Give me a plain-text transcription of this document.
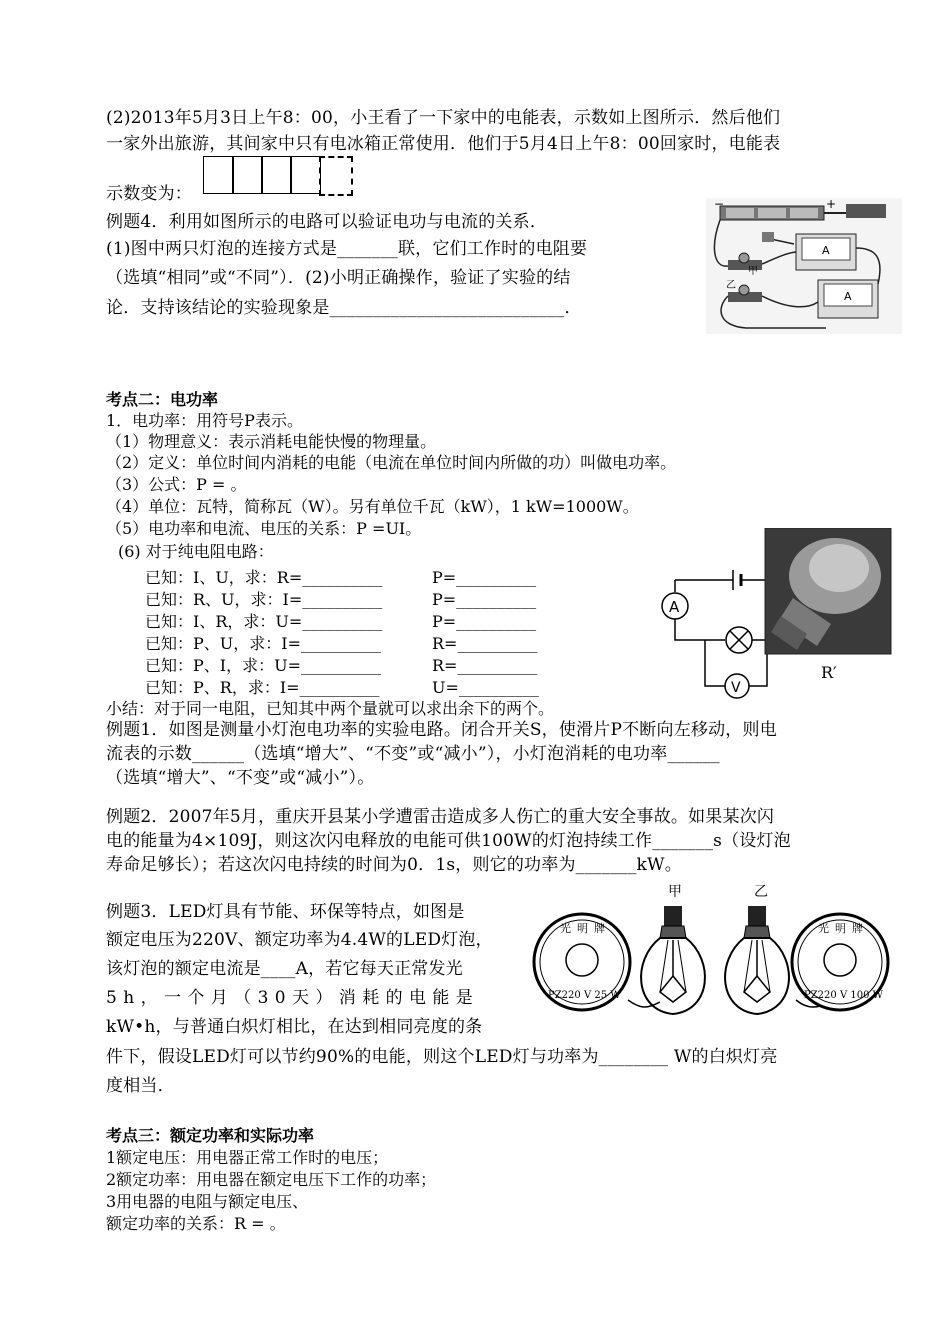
(2)2013年5月3日上午8：00，小王看了一下家中的电能表，示数如上图所示．然后他们
一家外出旅游，其间家中只有电冰箱正常使用．他们于5月4日上午8：00回家时，电能表
示数变为：
例题4．利用如图所示的电路可以验证电功与电流的关系．
(1)图中两只灯泡的连接方式是_______联，它们工作时的电阻要
（选填“相同”或“不同”）．(2)小明正确操作，验证了实验的结
论．支持该结论的实验现象是___________________________．
−	+
A
A
甲
乙
考点二：电功率
1．电功率：用符号P表示。
（1）物理意义：表示消耗电能快慢的物理量。
（2）定义：单位时间内消耗的电能（电流在单位时间内所做的功）叫做电功率。
（3）公式：P = 。
（4）单位：瓦特，简称瓦（W）。另有单位千瓦（kW），1 kW=1000W。
（5）电功率和电流、电压的关系：P =UI。
(6) 对于纯电阻电路：
已知：I、U，求：R=__________	P=__________
已知：R、U，求：I=__________	P=__________
已知：I、R，求：U=__________	P=__________
已知：P、U，求：I=__________	R=__________
已知：P、I，求：U=__________	R=__________
已知：P、R，求：I=__________	U=__________
小结：对于同一电阻，已知其中两个量就可以求出余下的两个。
A
V
R′
例题1．如图是测量小灯泡电功率的实验电路。闭合开关S，使滑片P不断向左移动，则电
流表的示数______（选填“增大”、“不变”或“减小”），小灯泡消耗的电功率______
（选填“增大”、“不变”或“减小”）。
例题2．2007年5月，重庆开县某小学遭雷击造成多人伤亡的重大安全事故。如果某次闪
电的能量为4×109J，则这次闪电释放的电能可供100W的灯泡持续工作_______s（设灯泡
寿命足够长）；若这次闪电持续的时间为0．1s，则它的功率为_______kW。
例题3．LED灯具有节能、环保等特点，如图是
额定电压为220V、额定功率为4.4W的LED灯泡，
该灯泡的额定电流是____A，若它每天正常发光
5h，一个月（30天）消耗的电能是
kW•h，与普通白炽灯相比，在达到相同亮度的条
件下，假设LED灯可以节约90%的电能，则这个LED灯与功率为________ W的白炽灯亮
度相当．
甲	乙
光明牌
PZ220 V 25 W
光明牌
PZ220 V 100 W
考点三：额定功率和实际功率
1额定电压：用电器正常工作时的电压；
2额定功率：用电器在额定电压下工作的功率；
3用电器的电阻与额定电压、
额定功率的关系：R = 。
